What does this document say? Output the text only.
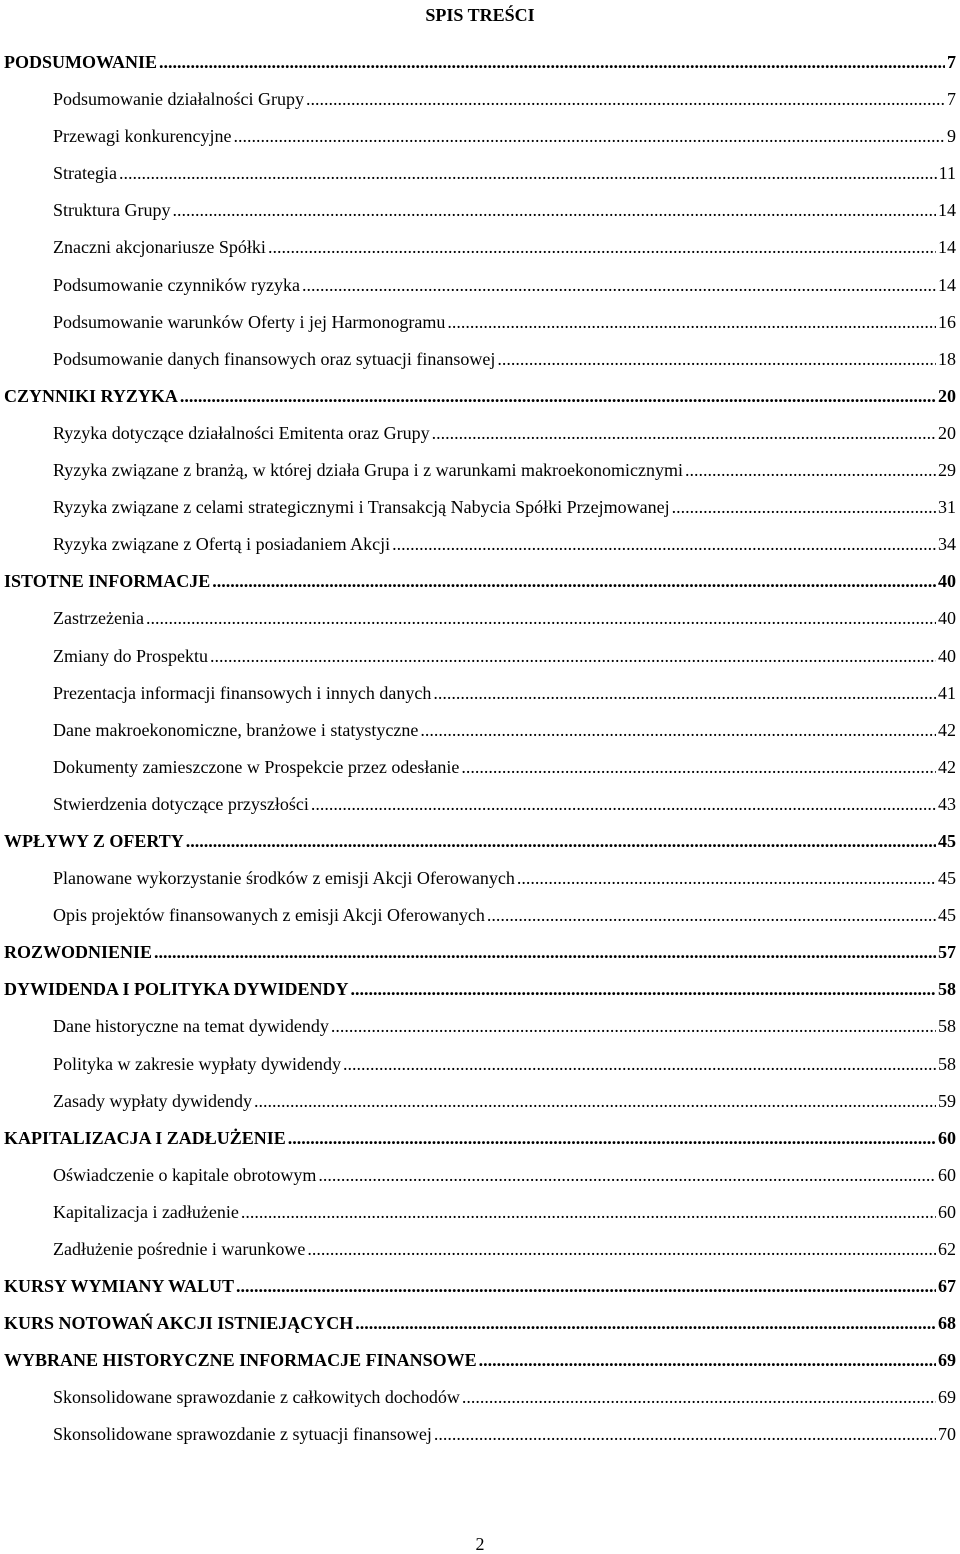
SPIS TREŚCI
PODSUMOWANIE .....	7
Podsumowanie działalności Grupy .....	7
Przewagi konkurencyjne .....	9
Strategia .....	11
Struktura Grupy .....	14
Znaczni akcjonariusze Spółki .....	14
Podsumowanie czynników ryzyka .....	14
Podsumowanie warunków Oferty i jej Harmonogramu .....	16
Podsumowanie danych finansowych oraz sytuacji finansowej .....	18
CZYNNIKI RYZYKA .....	20
Ryzyka dotyczące działalności Emitenta oraz Grupy .....	20
Ryzyka związane z branżą, w której działa Grupa i z warunkami makroekonomicznymi .....	29
Ryzyka związane z celami strategicznymi i Transakcją Nabycia Spółki Przejmowanej .....	31
Ryzyka związane z Ofertą i posiadaniem Akcji .....	34
ISTOTNE INFORMACJE .....	40
Zastrzeżenia .....	40
Zmiany do Prospektu .....	40
Prezentacja informacji finansowych i innych danych .....	41
Dane makroekonomiczne, branżowe i statystyczne .....	42
Dokumenty zamieszczone w Prospekcie przez odesłanie .....	42
Stwierdzenia dotyczące przyszłości .....	43
WPŁYWY Z OFERTY .....	45
Planowane wykorzystanie środków z emisji Akcji Oferowanych .....	45
Opis projektów finansowanych z emisji Akcji Oferowanych .....	45
ROZWODNIENIE .....	57
DYWIDENDA I POLITYKA DYWIDENDY .....	58
Dane historyczne na temat dywidendy .....	58
Polityka w zakresie wypłaty dywidendy .....	58
Zasady wypłaty dywidendy .....	59
KAPITALIZACJA I ZADŁUŻENIE .....	60
Oświadczenie o kapitale obrotowym .....	60
Kapitalizacja i zadłużenie .....	60
Zadłużenie pośrednie i warunkowe .....	62
KURSY WYMIANY WALUT .....	67
KURS NOTOWAŃ AKCJI ISTNIEJĄCYCH .....	68
WYBRANE HISTORYCZNE INFORMACJE FINANSOWE .....	69
Skonsolidowane sprawozdanie z całkowitych dochodów .....	69
Skonsolidowane sprawozdanie z sytuacji finansowej .....	70
2
